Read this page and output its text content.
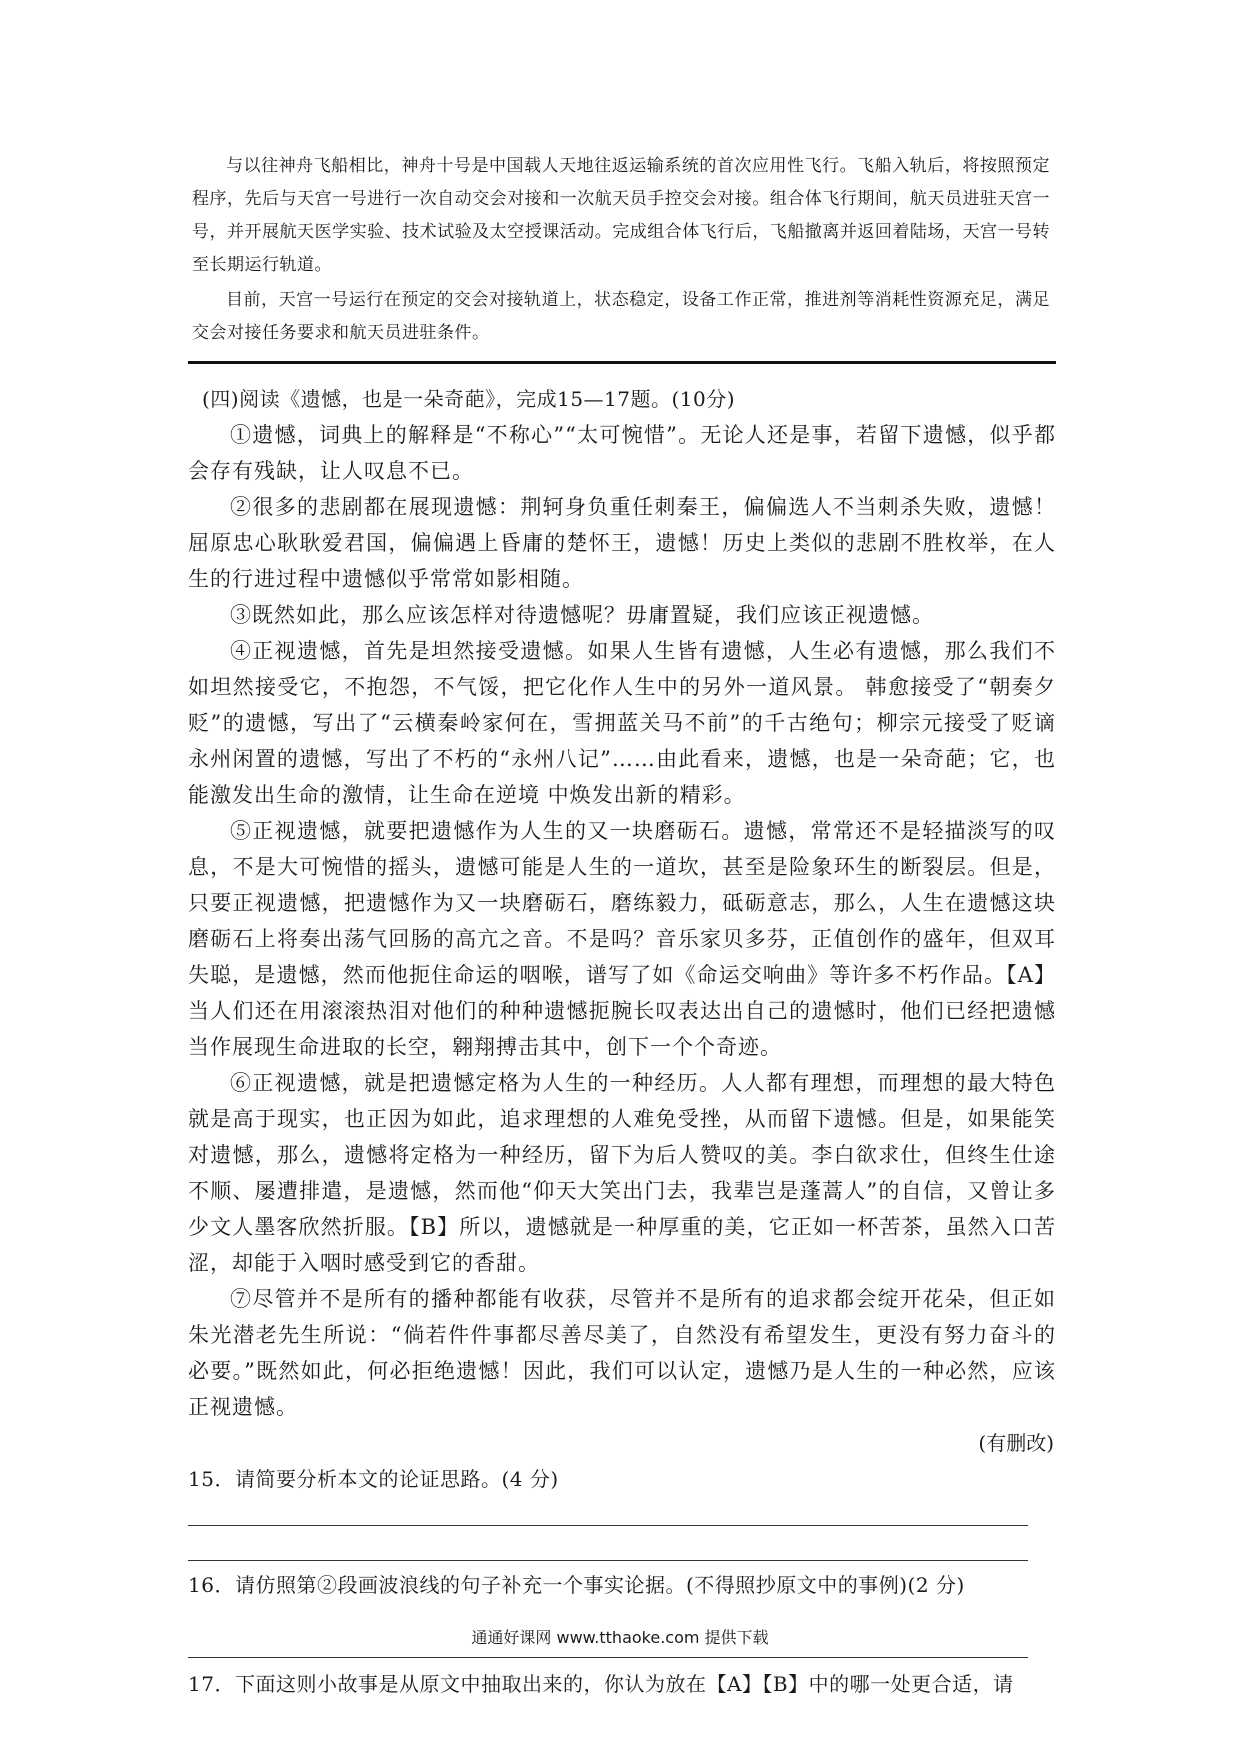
与以往神舟飞船相比，神舟十号是中国载人天地往返运输系统的首次应用性飞行。飞船入轨后，将按照预定程序，先后与天宫一号进行一次自动交会对接和一次航天员手控交会对接。组合体飞行期间，航天员进驻天宫一号，并开展航天医学实验、技术试验及太空授课活动。完成组合体飞行后，飞船撤离并返回着陆场，天宫一号转至长期运行轨道。

目前，天宫一号运行在预定的交会对接轨道上，状态稳定，设备工作正常，推进剂等消耗性资源充足，满足交会对接任务要求和航天员进驻条件。

(四)阅读《遗憾，也是一朵奇葩》，完成15—17题。(10分)

①遗憾，词典上的解释是“不称心”“太可惋惜”。无论人还是事，若留下遗憾，似乎都会存有残缺，让人叹息不已。

②很多的悲剧都在展现遗憾：荆轲身负重任刺秦王，偏偏选人不当刺杀失败，遗憾！屈原忠心耿耿爱君国，偏偏遇上昏庸的楚怀王，遗憾！历史上类似的悲剧不胜枚举，在人生的行进过程中遗憾似乎常常如影相随。

③既然如此，那么应该怎样对待遗憾呢？毋庸置疑，我们应该正视遗憾。

④正视遗憾，首先是坦然接受遗憾。如果人生皆有遗憾，人生必有遗憾，那么我们不如坦然接受它，不抱怨，不气馁，把它化作人生中的另外一道风景。 韩愈接受了“朝奏夕贬”的遗憾，写出了“云横秦岭家何在，雪拥蓝关马不前”的千古绝句；柳宗元接受了贬谪永州闲置的遗憾，写出了不朽的“永州八记”……由此看来，遗憾，也是一朵奇葩；它，也能激发出生命的激情，让生命在逆境 中焕发出新的精彩。

⑤正视遗憾，就要把遗憾作为人生的又一块磨砺石。遗憾，常常还不是轻描淡写的叹息，不是大可惋惜的摇头，遗憾可能是人生的一道坎，甚至是险象环生的断裂层。但是，只要正视遗憾，把遗憾作为又一块磨砺石，磨练毅力，砥砺意志，那么，人生在遗憾这块磨砺石上将奏出荡气回肠的高亢之音。不是吗？音乐家贝多芬，正值创作的盛年，但双耳失聪，是遗憾，然而他扼住命运的咽喉，谱写了如《命运交响曲》等许多不朽作品。【A】当人们还在用滚滚热泪对他们的种种遗憾扼腕长叹表达出自己的遗憾时，他们已经把遗憾当作展现生命进取的长空，翱翔搏击其中，创下一个个奇迹。

⑥正视遗憾，就是把遗憾定格为人生的一种经历。人人都有理想，而理想的最大特色就是高于现实，也正因为如此，追求理想的人难免受挫，从而留下遗憾。但是，如果能笑对遗憾，那么，遗憾将定格为一种经历，留下为后人赞叹的美。李白欲求仕，但终生仕途不顺、屡遭排遣，是遗憾，然而他“仰天大笑出门去，我辈岂是蓬蒿人”的自信，又曾让多少文人墨客欣然折服。【B】所以，遗憾就是一种厚重的美，它正如一杯苦茶，虽然入口苦涩，却能于入咽时感受到它的香甜。

⑦尽管并不是所有的播种都能有收获，尽管并不是所有的追求都会绽开花朵，但正如朱光潜老先生所说：“倘若件件事都尽善尽美了，自然没有希望发生，更没有努力奋斗的必要。”既然如此，何必拒绝遗憾！因此，我们可以认定，遗憾乃是人生的一种必然，应该正视遗憾。

(有删改)

15．请简要分析本文的论证思路。(4 分)

16．请仿照第②段画波浪线的句子补充一个事实论据。(不得照抄原文中的事例)(2 分)

17．下面这则小故事是从原文中抽取出来的，你认为放在【A】【B】中的哪一处更合适，请

通通好课网 www.tthaoke.com 提供下载
